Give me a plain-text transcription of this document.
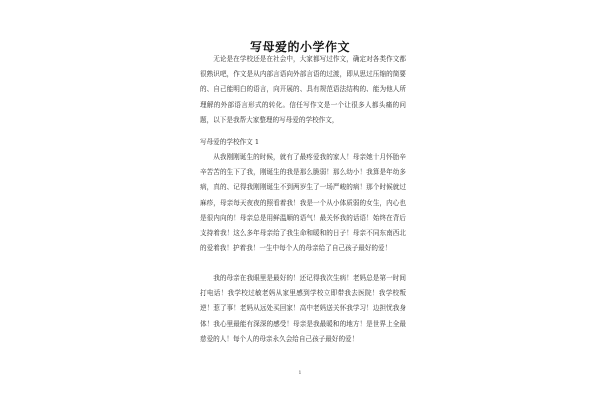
写母爱的小学作文

无论是在学校还是在社会中，大家都写过作文，确定对各类作文都很熟识吧，作文是从内部言语向外部言语的过渡，即从思过压缩的简要的、自己能明白的语言，向开展的、具有规范语法结构的、能为他人所理解的外部语言形式的转化。信任写作文是一个让很多人都头痛的问题，以下是我帮大家整理的写母爱的学校作文，

写母爱的学校作文 1

从我刚刚诞生的时候，就有了最疼爱我的家人！母亲她十月怀胎辛辛苦苦的生下了我，刚诞生的我是那么脆弱！那么幼小！我算是年幼多病，真的、记得我刚刚诞生不到两岁生了一场严峻的病！那个时候就过麻疹，母亲每天夜夜的照看着我！我是一个从小体质弱的女生，内心也是很内向的！母亲总是用鲜温顺的语气！最关怀我的话语！始终在背后支持着我！这么多年母亲给了我生命和暖和的日子！母亲不同东南西北的爱着我！护着我！一生中每个人的母亲给了自己孩子最好的爱！

我的母亲在我眼里是最好的！还记得我次生病！老妈总是第一时间打电话！我学校过敏老妈从家里感到学校立即带我去医院！我学校叛逆！惹了事！老妈从远处买回家！高中老妈送关怀我学习！边担忧我身体！我心里最能有深深的感受！母亲是我最暖和的地方！是世界上全最慈爱的人！每个人的母亲永久会给自己孩子最好的爱！

1
